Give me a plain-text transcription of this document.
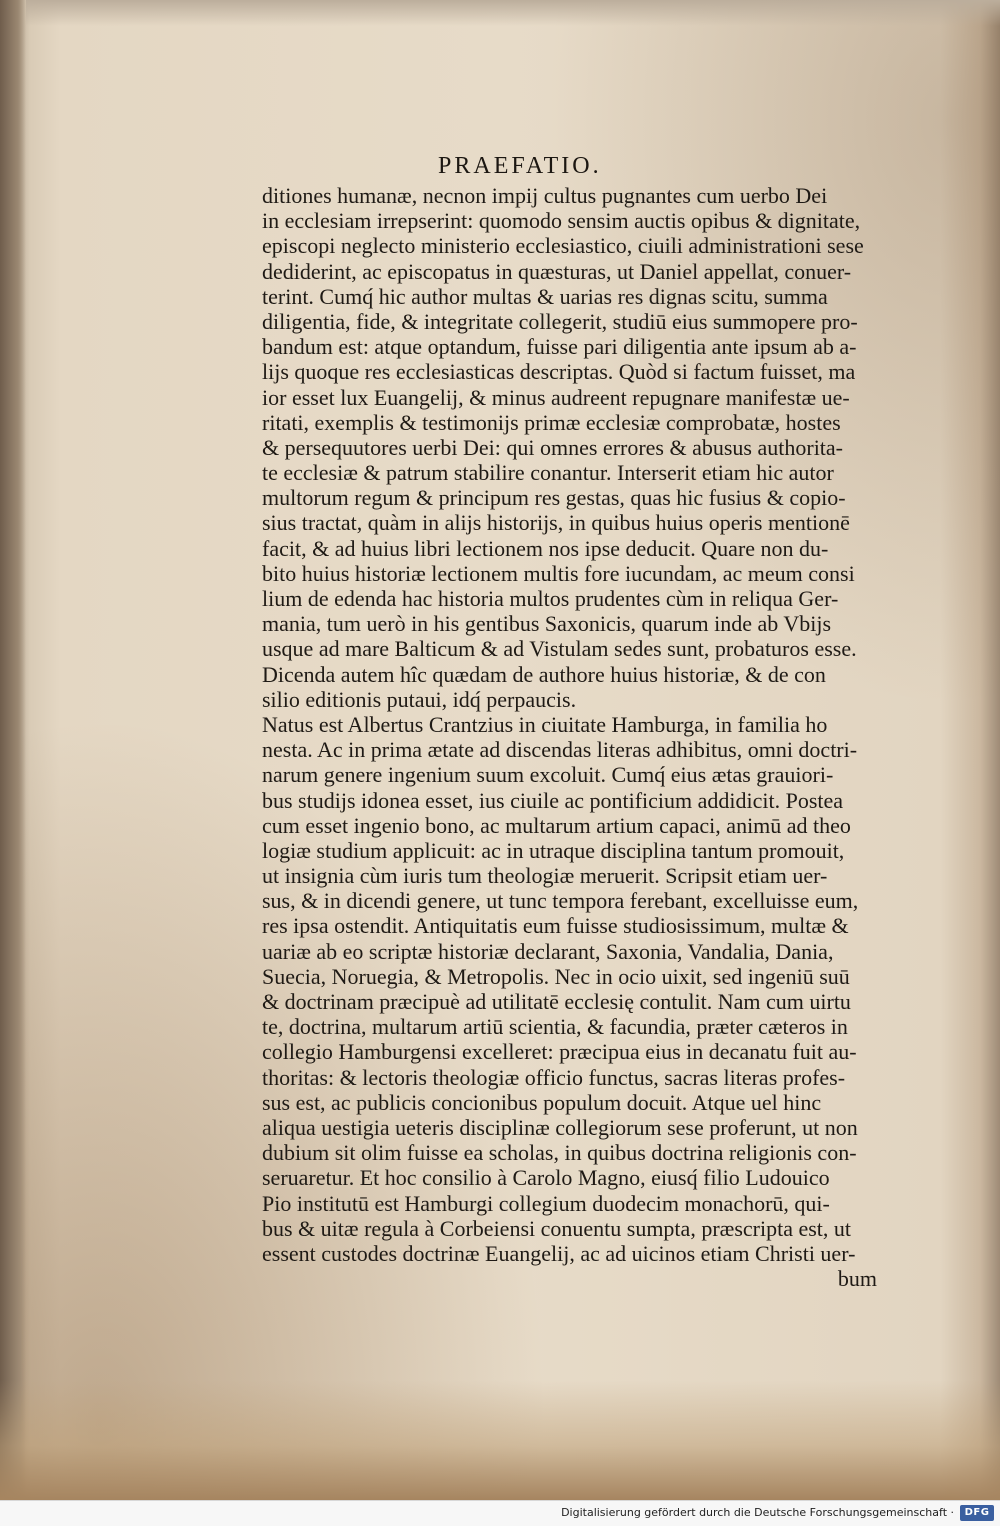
PRAEFATIO.
ditiones humanæ, necnon impij cultus pugnantes cum uerbo Dei
in ecclesiam irrepserint: quomodo sensim auctis opibus & dignitate,
episcopi neglecto ministerio ecclesiastico, ciuili administrationi sese
dediderint, ac episcopatus in quæsturas, ut Daniel appellat, conuer-
terint. Cumq́ hic author multas & uarias res dignas scitu, summa
diligentia, fide, & integritate collegerit, studiū eius summopere pro-
bandum est: atque optandum, fuisse pari diligentia ante ipsum ab a-
lijs quoque res ecclesiasticas descriptas. Quòd si factum fuisset, ma
ior esset lux Euangelij, & minus audreent repugnare manifestæ ue-
ritati, exemplis & testimonijs primæ ecclesiæ comprobatæ, hostes
& persequutores uerbi Dei: qui omnes errores & abusus authorita-
te ecclesiæ & patrum stabilire conantur. Interserit etiam hic autor
multorum regum & principum res gestas, quas hic fusius & copio-
sius tractat, quàm in alijs historijs, in quibus huius operis mentionē
facit, & ad huius libri lectionem nos ipse deducit. Quare non du-
bito huius historiæ lectionem multis fore iucundam, ac meum consi
lium de edenda hac historia multos prudentes cùm in reliqua Ger-
mania, tum uerò in his gentibus Saxonicis, quarum inde ab Vbijs
usque ad mare Balticum & ad Vistulam sedes sunt, probaturos esse.
Dicenda autem hîc quædam de authore huius historiæ, & de con
silio editionis putaui, idq́ perpaucis.
Natus est Albertus Crantzius in ciuitate Hamburga, in familia ho
nesta. Ac in prima ætate ad discendas literas adhibitus, omni doctri-
narum genere ingenium suum excoluit. Cumq́ eius ætas grauiori-
bus studijs idonea esset, ius ciuile ac pontificium addidicit. Postea
cum esset ingenio bono, ac multarum artium capaci, animū ad theo
logiæ studium applicuit: ac in utraque disciplina tantum promouit,
ut insignia cùm iuris tum theologiæ meruerit. Scripsit etiam uer-
sus, & in dicendi genere, ut tunc tempora ferebant, excelluisse eum,
res ipsa ostendit. Antiquitatis eum fuisse studiosissimum, multæ &
uariæ ab eo scriptæ historiæ declarant, Saxonia, Vandalia, Dania,
Suecia, Noruegia, & Metropolis. Nec in ocio uixit, sed ingeniū suū
& doctrinam præcipuè ad utilitatē ecclesię contulit. Nam cum uirtu
te, doctrina, multarum artiū scientia, & facundia, præter cæteros in
collegio Hamburgensi excelleret: præcipua eius in decanatu fuit au-
thoritas: & lectoris theologiæ officio functus, sacras literas profes-
sus est, ac publicis concionibus populum docuit. Atque uel hinc
aliqua uestigia ueteris disciplinæ collegiorum sese proferunt, ut non
dubium sit olim fuisse ea scholas, in quibus doctrina religionis con-
seruaretur. Et hoc consilio à Carolo Magno, eiusq́ filio Ludouico
Pio institutū est Hamburgi collegium duodecim monachorū, qui-
bus & uitæ regula à Corbeiensi conuentu sumpta, præscripta est, ut
essent custodes doctrinæ Euangelij, ac ad uicinos etiam Christi uer-
bum
Digitalisierung gefördert durch die Deutsche Forschungsgemeinschaft ·	DFG
